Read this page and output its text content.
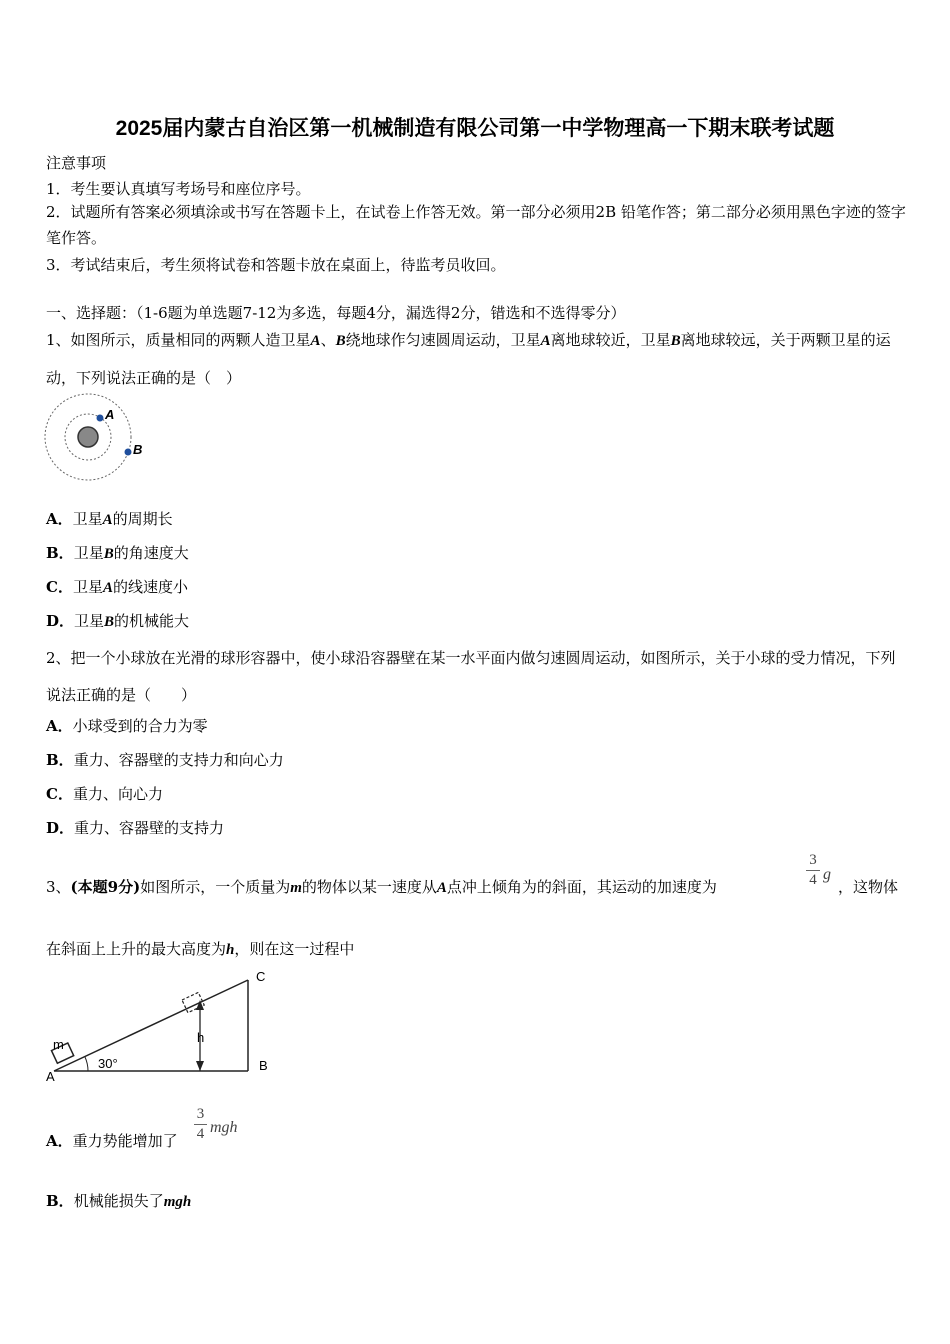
2025届内蒙古自治区第一机械制造有限公司第一中学物理高一下期末联考试题
注意事项
1．考生要认真填写考场号和座位序号。
2．试题所有答案必须填涂或书写在答题卡上，在试卷上作答无效。第一部分必须用2B 铅笔作答；第二部分必须用黑色字迹的签字笔作答。
3．考试结束后，考生须将试卷和答题卡放在桌面上，待监考员收回。
一、选择题：（1-6题为单选题7-12为多选，每题4分，漏选得2分，错选和不选得零分）
1、如图所示，质量相同的两颗人造卫星A、B绕地球作匀速圆周运动，卫星A离地球较近，卫星B离地球较远，关于两颗卫星的运动，下列说法正确的是（　）
A
B
A．卫星A的周期长
B．卫星B的角速度大
C．卫星A的线速度小
D．卫星B的机械能大
2、把一个小球放在光滑的球形容器中，使小球沿容器壁在某一水平面内做匀速圆周运动，如图所示，关于小球的受力情况，下列说法正确的是（　　）
A．小球受到的合力为零
B．重力、容器壁的支持力和向心力
C．重力、向心力
D．重力、容器壁的支持力
3、(本题9分)如图所示，一个质量为m的物体以某一速度从A点冲上倾角为的斜面，其运动的加速度为
3
4 g
，这物体
在斜面上上升的最大高度为h，则在这一过程中
m
A
B
C
h
30°
A．重力势能增加了
3
4 mgh
B．机械能损失了mgh
